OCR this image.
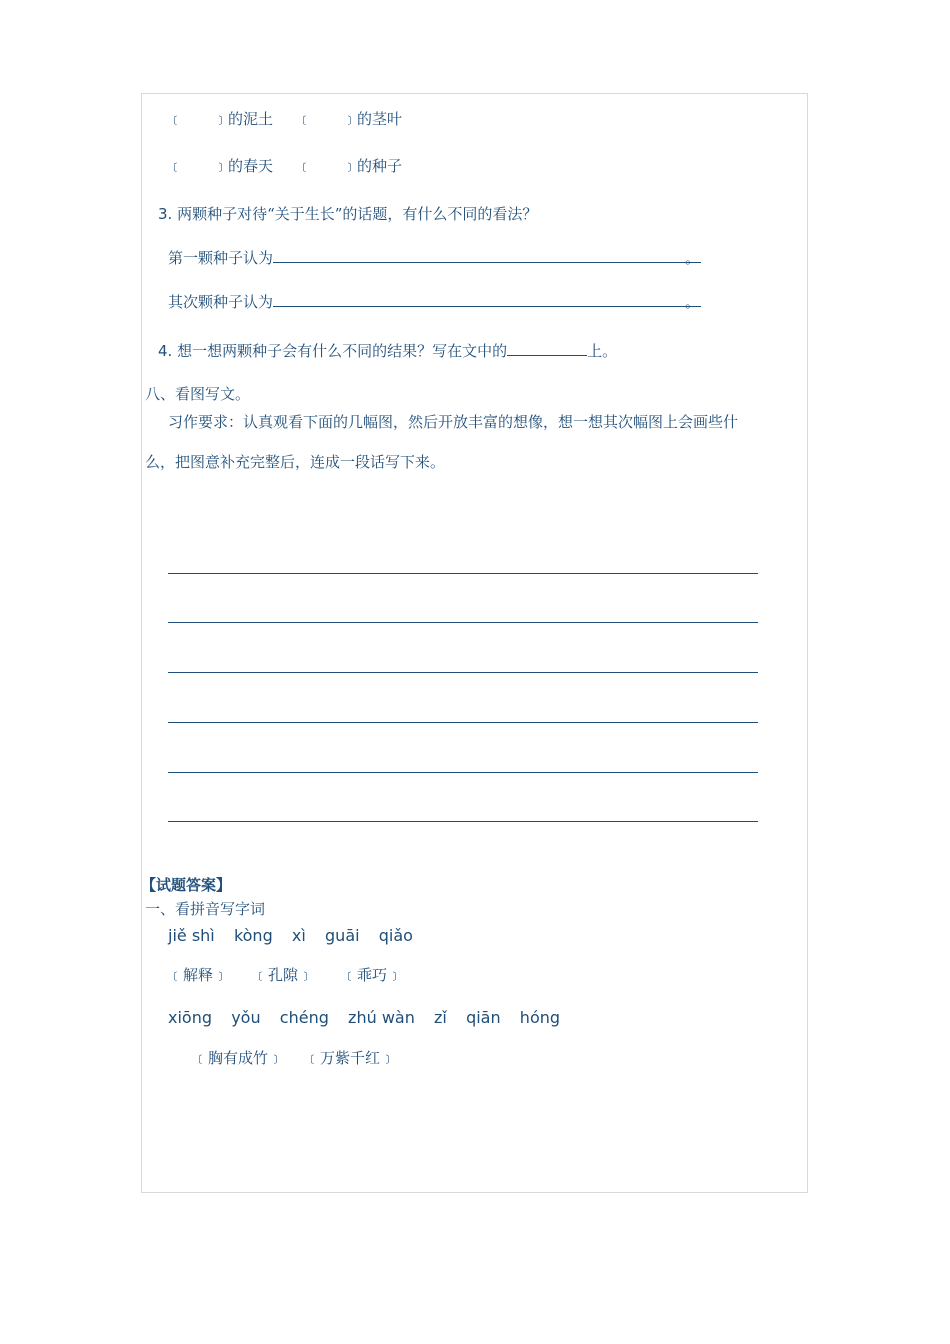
﹝　　﹞的泥土 ﹝　　﹞的茎叶
﹝　　﹞的春天 ﹝　　﹞的种子
3. 两颗种子对待“关于生长”的话题，有什么不同的看法？
第一颗种子认为	。
其次颗种子认为	。
4. 想一想两颗种子会有什么不同的结果？写在文中的	上。
八、看图写文。
习作要求：认真观看下面的几幅图，然后开放丰富的想像，想一想其次幅图上会画些什
么，把图意补充完整后，连成一段话写下来。
【试题答案】
一、看拼音写字词
jiě shì kòng xì guāi qiǎo
﹝解释﹞ ﹝孔隙﹞ ﹝乖巧﹞
xiōng yǒu chéng zhú wàn zǐ qiān hóng
﹝胸有成竹﹞ ﹝万紫千红﹞
